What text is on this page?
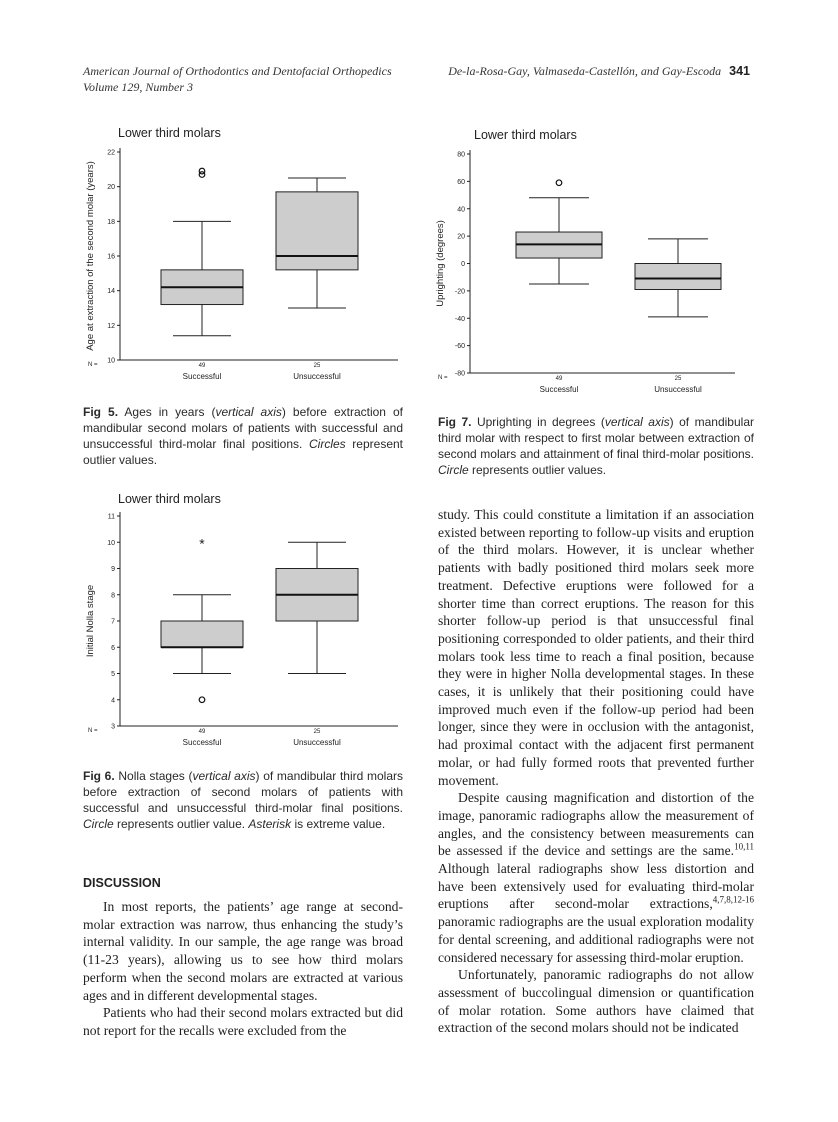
American Journal of Orthodontics and Dentofacial Orthopedics
Volume 129, Number 3
De-la-Rosa-Gay, Valmaseda-Castellón, and Gay-Escoda 341
Lower third molars
10
12
14
16
18
20
22
Age at extraction of the second molar (years)
N =	49
Successful
25
Unsuccessful

Fig 5. Ages in years (vertical axis) before extraction of mandibular second molars of patients with successful and unsuccessful third-molar final positions. Circles represent outlier values.

Lower third molars
-80
-60
-40
-20
0
20
40
60
80
Uprighting (degrees)
N =	49
Successful
25
Unsuccessful

Fig 7. Uprighting in degrees (vertical axis) of mandibular third molar with respect to first molar between extraction of second molars and attainment of final third-molar positions. Circle represents outlier values.

Lower third molars
3
4
5
6
7
8
9
10
11
Initial Nolla stage
N =	49
Successful
25
Unsuccessful
*

Fig 6. Nolla stages (vertical axis) of mandibular third molars before extraction of second molars of patients with successful and unsuccessful third-molar final positions. Circle represents outlier value. Asterisk is extreme value.

DISCUSSION

In most reports, the patients’ age range at second-molar extraction was narrow, thus enhancing the study’s internal validity. In our sample, the age range was broad (11-23 years), allowing us to see how third molars perform when the second molars are extracted at various ages and in different developmental stages.

Patients who had their second molars extracted but did not report for the recalls were excluded from the

study. This could constitute a limitation if an association existed between reporting to follow-up visits and eruption of the third molars. However, it is unclear whether patients with badly positioned third molars seek more treatment. Defective eruptions were followed for a shorter time than correct eruptions. The reason for this shorter follow-up period is that unsuccessful final positioning corresponded to older patients, and their third molars took less time to reach a final position, because they were in higher Nolla developmental stages. In these cases, it is unlikely that their positioning could have improved much even if the follow-up period had been longer, since they were in occlusion with the antagonist, had proximal contact with the adjacent first permanent molar, or had fully formed roots that prevented further movement.

Despite causing magnification and distortion of the image, panoramic radiographs allow the measurement of angles, and the consistency between measurements can be assessed if the device and settings are the same.$^{10,11}$ Although lateral radiographs show less distortion and have been extensively used for evaluating third-molar eruptions after second-molar extractions,$^{4,7,8,12-16}$ panoramic radiographs are the usual exploration modality for dental screening, and additional radiographs were not considered necessary for assessing third-molar eruption.

Unfortunately, panoramic radiographs do not allow assessment of buccolingual dimension or quantification of molar rotation. Some authors have claimed that extraction of the second molars should not be indicated
